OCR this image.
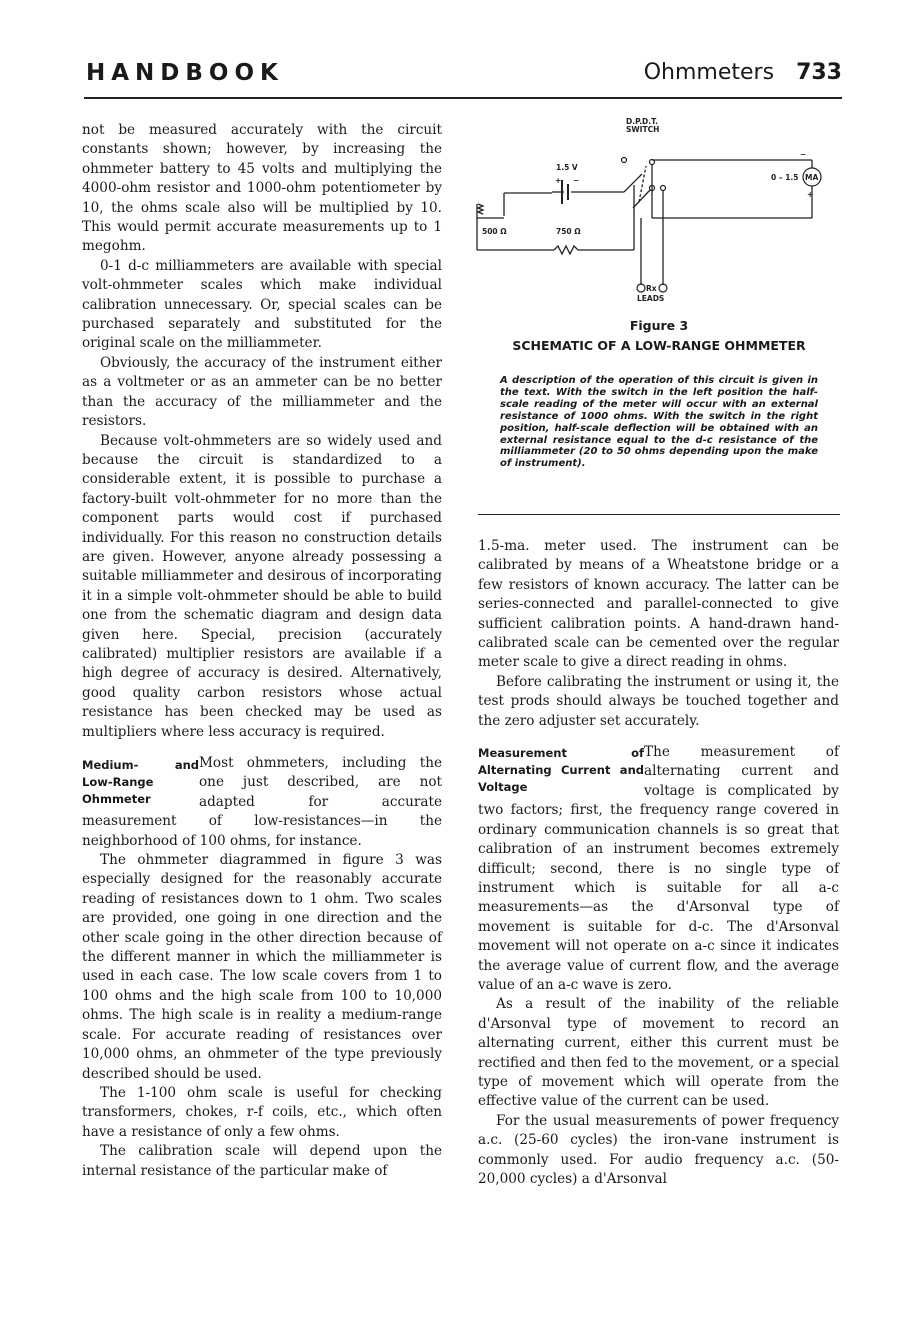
HANDBOOK	Ohmmeters 733

not be measured accurately with the circuit constants shown; however, by increasing the ohmmeter battery to 45 volts and multiplying the 4000-ohm resistor and 1000-ohm potentiometer by 10, the ohms scale also will be multiplied by 10. This would permit accurate measurements up to 1 megohm.

0-1 d-c milliammeters are available with special volt-ohmmeter scales which make individual calibration unnecessary. Or, special scales can be purchased separately and substituted for the original scale on the milliammeter.

Obviously, the accuracy of the instrument either as a voltmeter or as an ammeter can be no better than the accuracy of the milliammeter and the resistors.

Because volt-ohmmeters are so widely used and because the circuit is standardized to a considerable extent, it is possible to purchase a factory-built volt-ohmmeter for no more than the component parts would cost if purchased individually. For this reason no construction details are given. However, anyone already possessing a suitable milliammeter and desirous of incorporating it in a simple volt-ohmmeter should be able to build one from the schematic diagram and design data given here. Special, precision (accurately calibrated) multiplier resistors are available if a high degree of accuracy is desired. Alternatively, good quality carbon resistors whose actual resistance has been checked may be used as multipliers where less accuracy is required.

Medium- and Low-Range Ohmmeter
Most ohmmeters, including the one just described, are not adapted for accurate measurement of low-resistances—in the neighborhood of 100 ohms, for instance.

The ohmmeter diagrammed in figure 3 was especially designed for the reasonably accurate reading of resistances down to 1 ohm. Two scales are provided, one going in one direction and the other scale going in the other direction because of the different manner in which the milliammeter is used in each case. The low scale covers from 1 to 100 ohms and the high scale from 100 to 10,000 ohms. The high scale is in reality a medium-range scale. For accurate reading of resistances over 10,000 ohms, an ohmmeter of the type previously described should be used.

The 1-100 ohm scale is useful for checking transformers, chokes, r-f coils, etc., which often have a resistance of only a few ohms.

The calibration scale will depend upon the internal resistance of the particular make of

D.P.D.T.
SWITCH
1.5 V
+ −
−
0 – 1.5 MA
+
500 Ω	750 Ω
Rx
LEADS
Figure 3
SCHEMATIC OF A LOW-RANGE OHMMETER
A description of the operation of this circuit is given in the text. With the switch in the left position the half-scale reading of the meter will occur with an external resistance of 1000 ohms. With the switch in the right position, half-scale deflection will be obtained with an external resistance equal to the d-c resistance of the milliammeter (20 to 50 ohms depending upon the make of instrument).

1.5-ma. meter used. The instrument can be calibrated by means of a Wheatstone bridge or a few resistors of known accuracy. The latter can be series-connected and parallel-connected to give sufficient calibration points. A hand-drawn hand-calibrated scale can be cemented over the regular meter scale to give a direct reading in ohms.

Before calibrating the instrument or using it, the test prods should always be touched together and the zero adjuster set accurately.

Measurement of Alternating Current and Voltage
The measurement of alternating current and voltage is complicated by two factors; first, the frequency range covered in ordinary communication channels is so great that calibration of an instrument becomes extremely difficult; second, there is no single type of instrument which is suitable for all a-c measurements—as the d'Arsonval type of movement is suitable for d-c. The d'Arsonval movement will not operate on a-c since it indicates the average value of current flow, and the average value of an a-c wave is zero.

As a result of the inability of the reliable d'Arsonval type of movement to record an alternating current, either this current must be rectified and then fed to the movement, or a special type of movement which will operate from the effective value of the current can be used.

For the usual measurements of power frequency a.c. (25-60 cycles) the iron-vane instrument is commonly used. For audio frequency a.c. (50-20,000 cycles) a d'Arsonval
